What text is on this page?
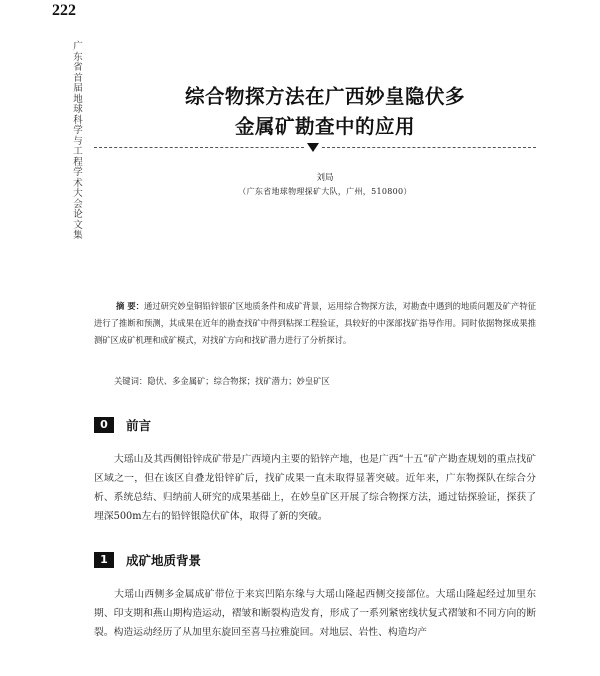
222
广东省首届地球科学与工程学术大会论文集
综合物探方法在广西妙皇隐伏多
金属矿勘查中的应用
刘局
（广东省地球物理探矿大队，广州，510800）
摘 要：通过研究妙皇铜铅锌银矿区地质条件和成矿背景，运用综合物探方法，对勘查中遇到的地质问题及矿产特征进行了推断和预测，其成果在近年的勘查找矿中得到粘探工程验证，具较好的中深部找矿指导作用。同时依据物探成果推测矿区成矿机理和成矿模式，对找矿方向和找矿潜力进行了分析探讨。
关键词：隐伏、多金属矿；综合物探；找矿潜力；妙皇矿区
0	前言
大瑶山及其西侧铅锌成矿带是广西境内主要的铅锌产地，也是广西“十五”矿产勘查规划的重点找矿区域之一，但在该区自叠龙铅锌矿后，找矿成果一直未取得显著突破。近年来，广东物探队在综合分析、系统总结、归纳前人研究的成果基础上，在妙皇矿区开展了综合物探方法，通过钻探验证，探获了埋深500m左右的铅锌银隐伏矿体，取得了新的突破。
1	成矿地质背景
大瑶山西侧多金属成矿带位于来宾凹陷东缘与大瑶山隆起西侧交接部位。大瑶山隆起经过加里东期、印支期和燕山期构造运动，褶皱和断裂构造发育，形成了一系列紧密线状复式褶皱和不同方向的断裂。构造运动经历了从加里东旋回至喜马拉雅旋回。对地层、岩性、构造均产
